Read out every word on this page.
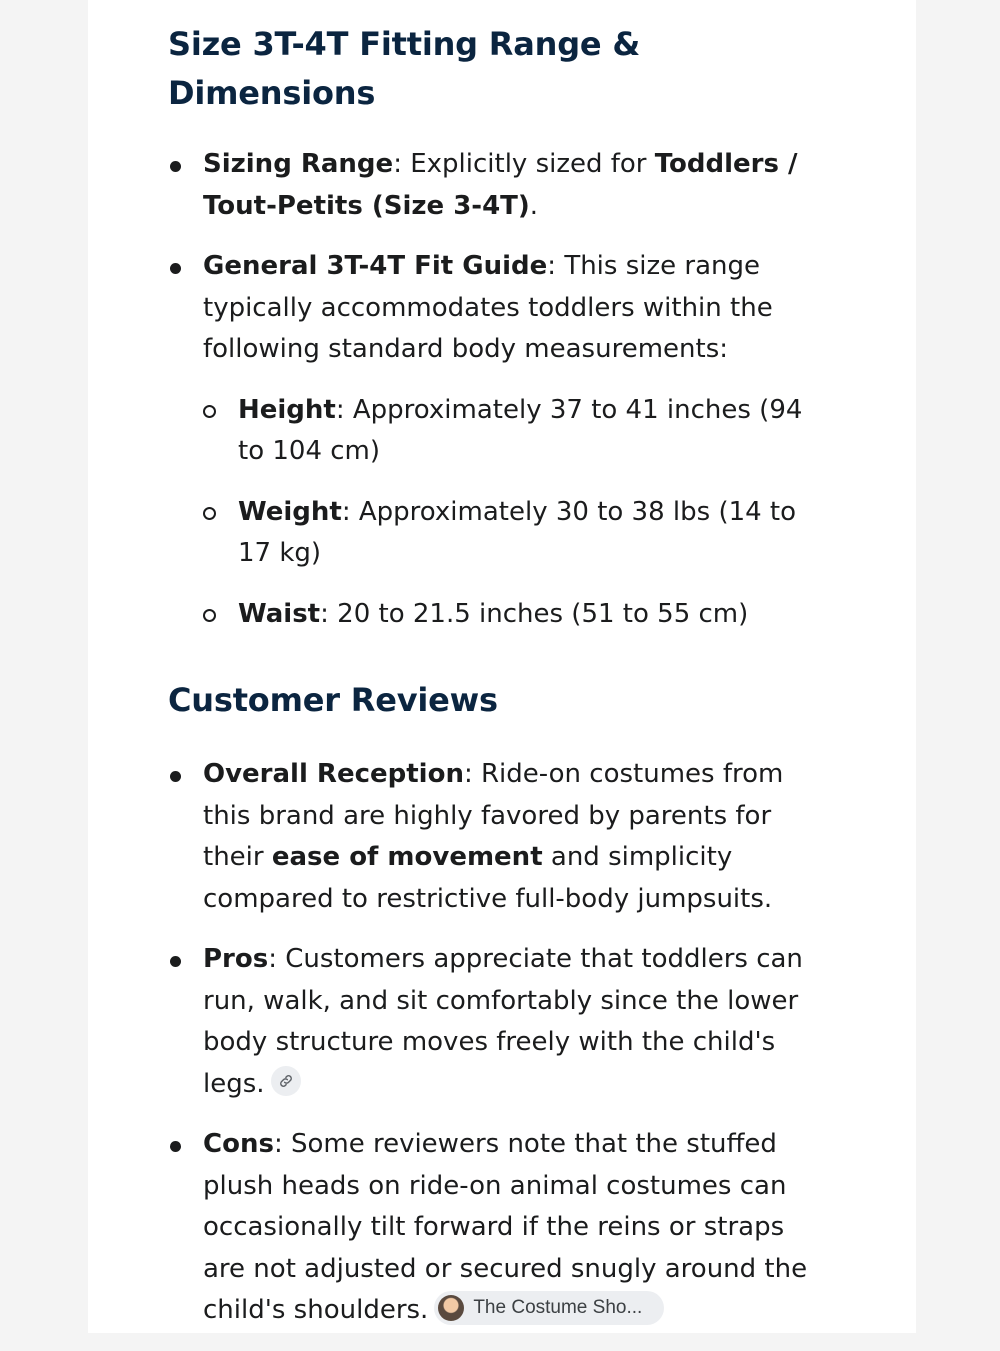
Size 3T-4T Fitting Range &
Dimensions
Sizing Range: Explicitly sized for Toddlers / Tout-Petits (Size 3-4T).
General 3T-4T Fit Guide: This size range typically accommodates toddlers within the following standard body measurements:
Height: Approximately 37 to 41 inches (94 to 104 cm)
Weight: Approximately 30 to 38 lbs (14 to 17 kg)
Waist: 20 to 21.5 inches (51 to 55 cm)
Customer Reviews
Overall Reception: Ride-on costumes from this brand are highly favored by parents for their ease of movement and simplicity compared to restrictive full-body jumpsuits.
Pros: Customers appreciate that toddlers can run, walk, and sit comfortably since the lower body structure moves freely with the child's legs.
Cons: Some reviewers note that the stuffed plush heads on ride-on animal costumes can occasionally tilt forward if the reins or straps are not adjusted or secured snugly around the child's shoulders. The Costume Sho...
